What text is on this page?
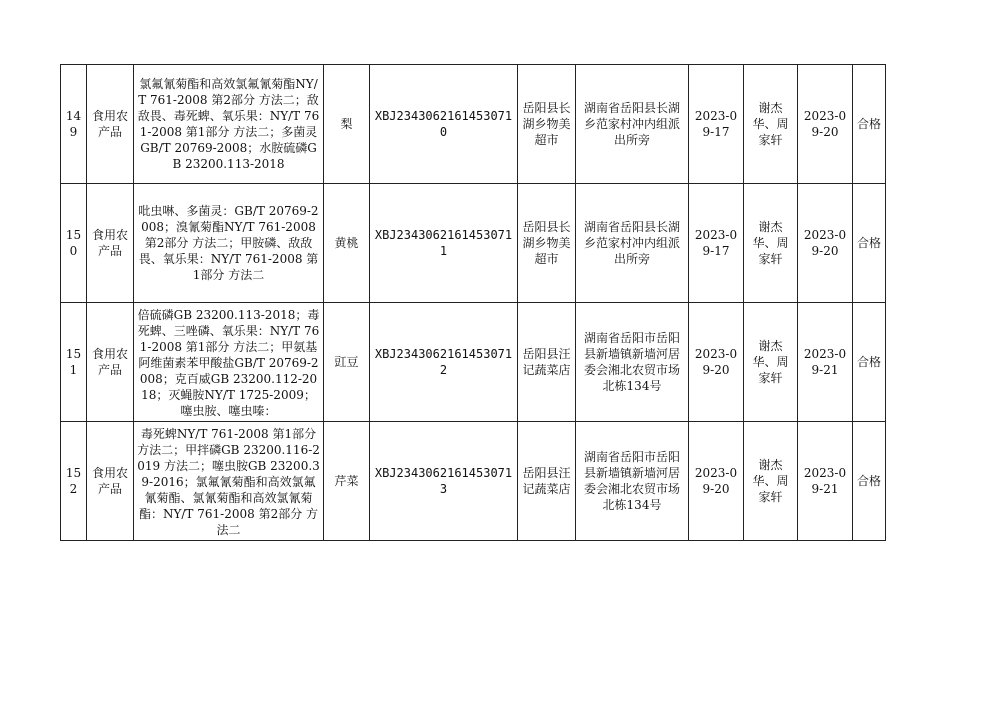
149	食用农产品	氯氟氰菊酯和高效氯氟氰菊酯NY/T 761-2008 第2部分 方法二；敌敌畏、毒死蜱、氧乐果：NY/T 761-2008 第1部分 方法二；多菌灵GB/T 20769-2008；水胺硫磷GB 23200.113-2018	梨	XBJ23430621614530710	岳阳县长湖乡物美超市	湖南省岳阳县长湖乡范家村冲内组派出所旁	2023-09-17	谢杰华、周家轩	2023-09-20	合格
150	食用农产品	吡虫啉、多菌灵：GB/T 20769-2008；溴氰菊酯NY/T 761-2008 第2部分 方法二；甲胺磷、敌敌畏、氧乐果：NY/T 761-2008 第1部分 方法二	黄桃	XBJ23430621614530711	岳阳县长湖乡物美超市	湖南省岳阳县长湖乡范家村冲内组派出所旁	2023-09-17	谢杰华、周家轩	2023-09-20	合格
151	食用农产品	倍硫磷GB 23200.113-2018；毒死蜱、三唑磷、氧乐果：NY/T 761-2008 第1部分 方法二；甲氨基阿维菌素苯甲酸盐GB/T 20769-2008；克百威GB 23200.112-2018；灭蝇胺NY/T 1725-2009；噻虫胺、噻虫嗪：	豇豆	XBJ23430621614530712	岳阳县汪记蔬菜店	湖南省岳阳市岳阳县新墙镇新墙河居委会湘北农贸市场北栋134号	2023-09-20	谢杰华、周家轩	2023-09-21	合格
152	食用农产品	毒死蜱NY/T 761-2008 第1部分 方法二；甲拌磷GB 23200.116-2019 方法二；噻虫胺GB 23200.39-2016；氯氟氰菊酯和高效氯氟氰菊酯、氯氰菊酯和高效氯氰菊酯：NY/T 761-2008 第2部分 方法二	芹菜	XBJ23430621614530713	岳阳县汪记蔬菜店	湖南省岳阳市岳阳县新墙镇新墙河居委会湘北农贸市场北栋134号	2023-09-20	谢杰华、周家轩	2023-09-21	合格
